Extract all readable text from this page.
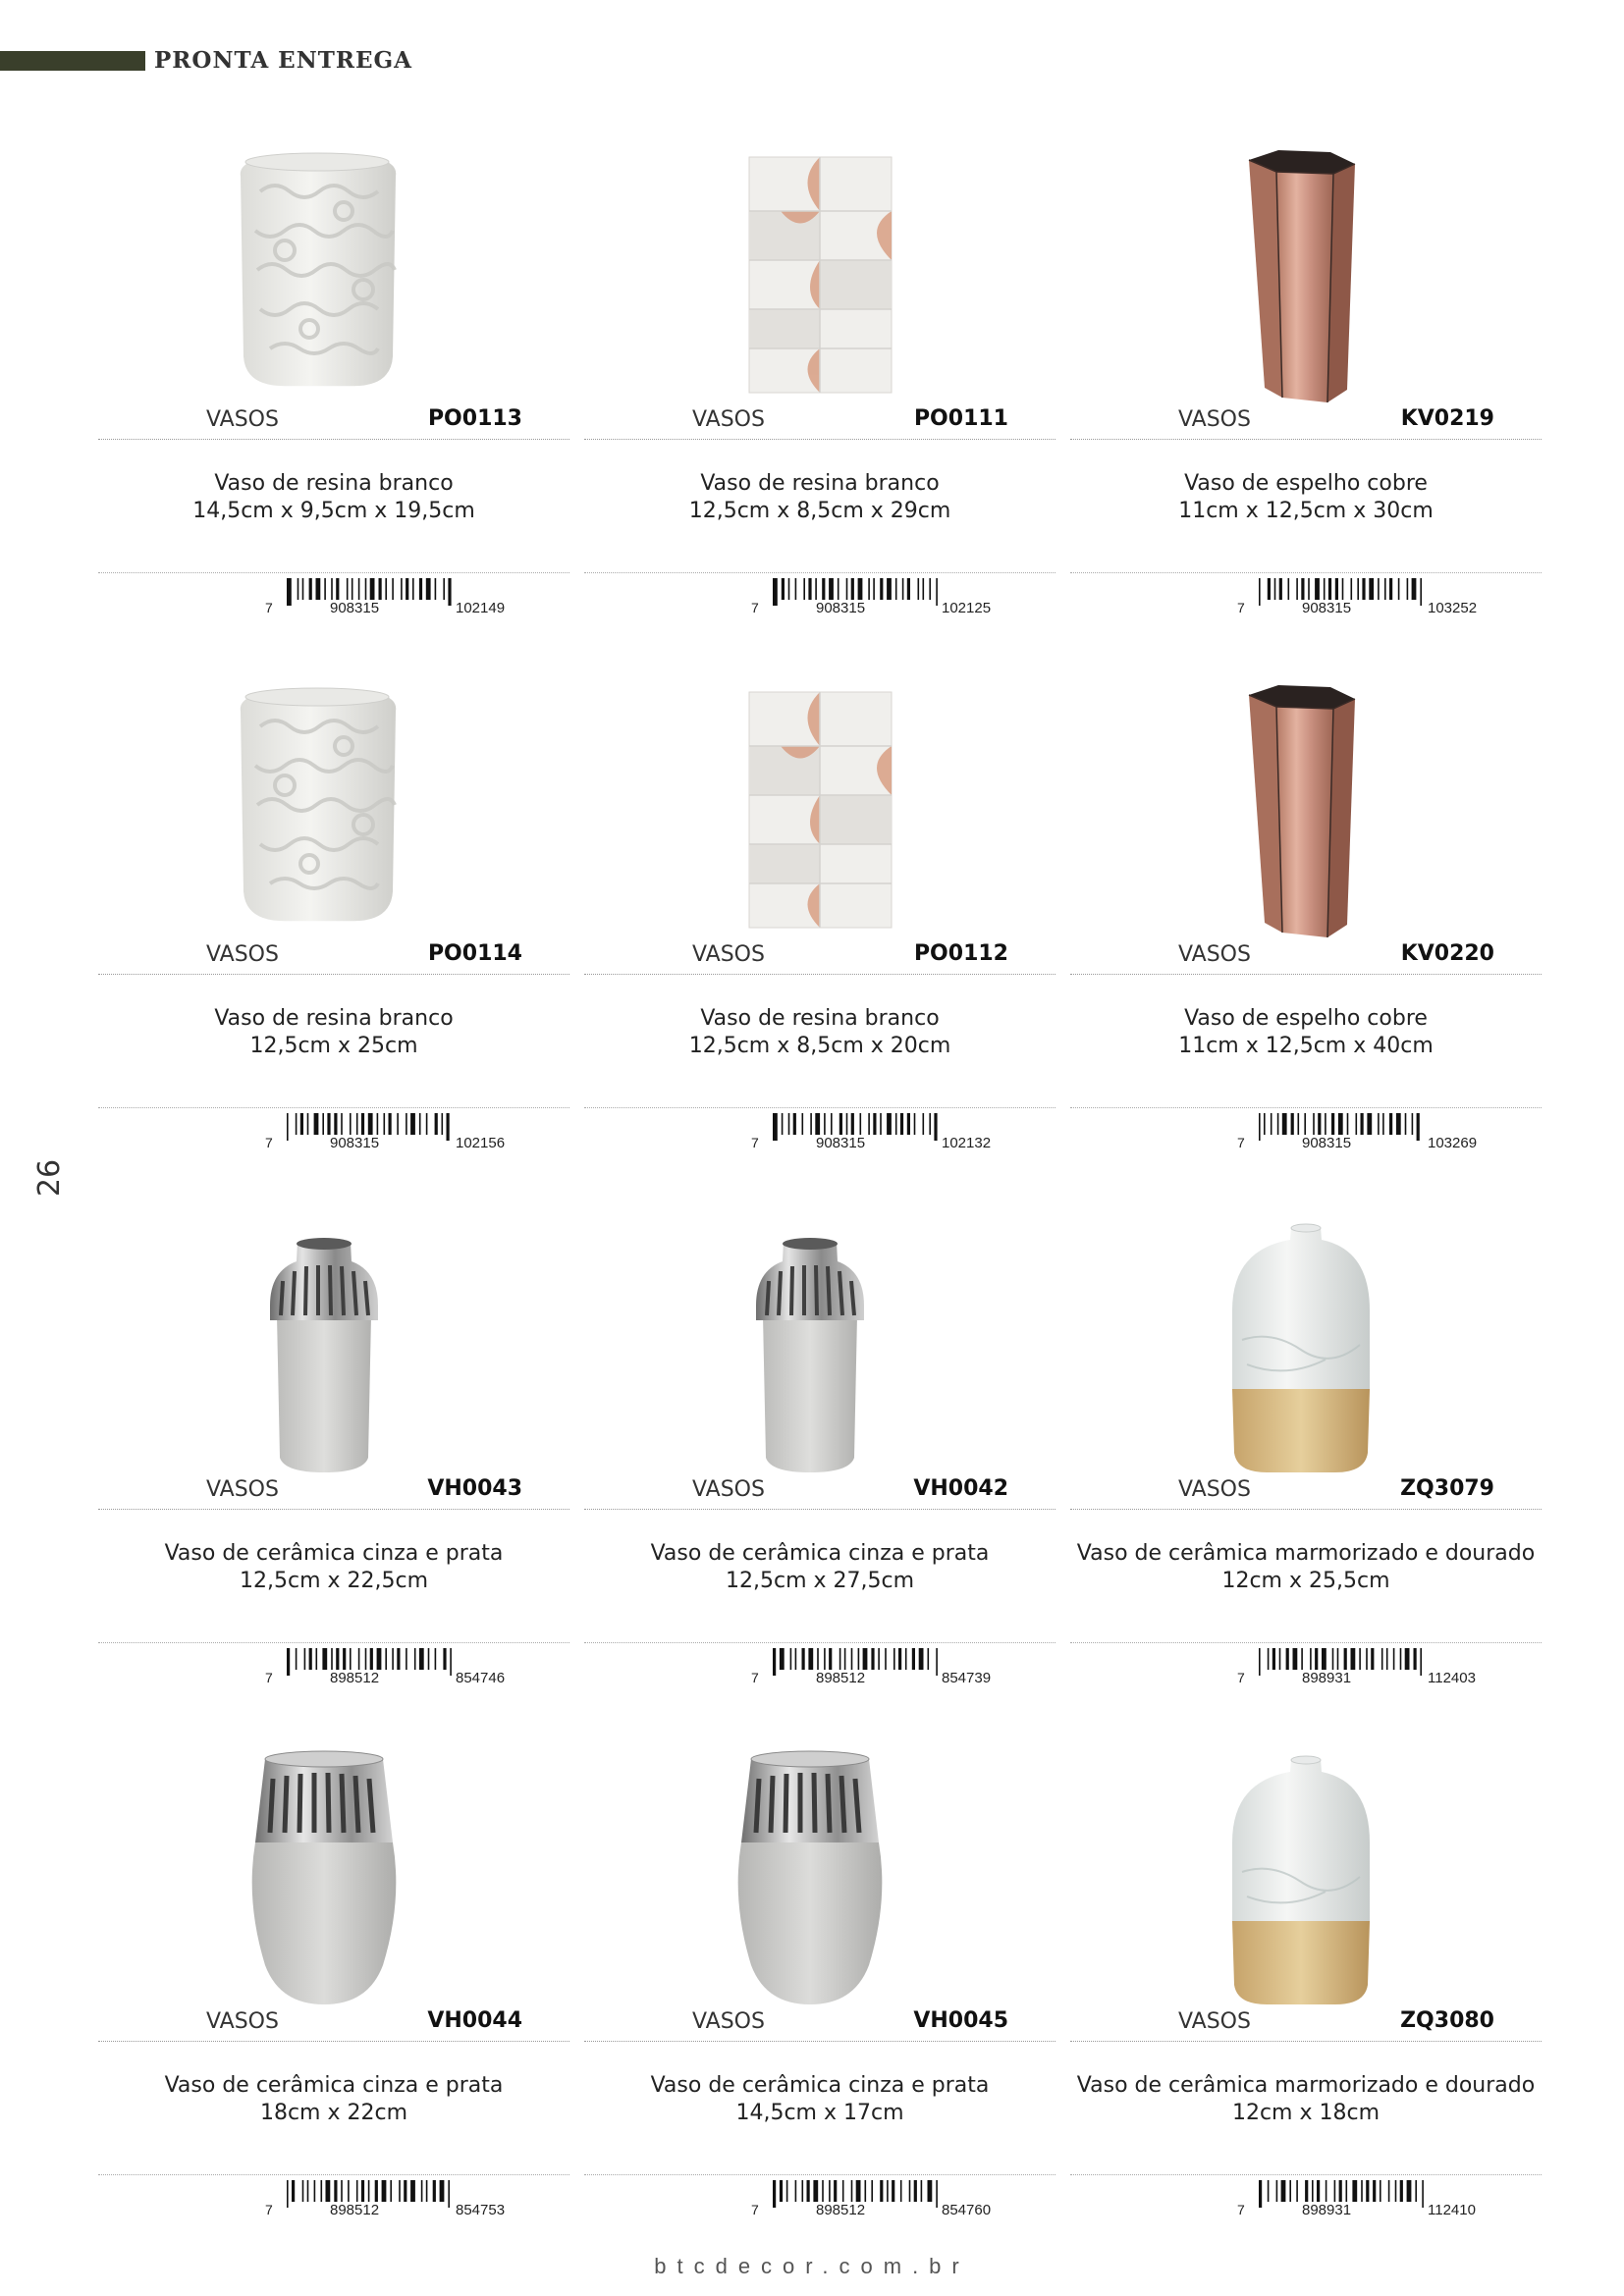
PRONTA ENTREGA
26
btcdecor.com.br
VASOS	PO0113
Vaso de resina branco
14,5cm x 9,5cm x 19,5cm
7	908315	102149
VASOS	PO0111
Vaso de resina branco
12,5cm x 8,5cm x 29cm
7	908315	102125
VASOS	KV0219
Vaso de espelho cobre
11cm x 12,5cm x 30cm
7	908315	103252
VASOS	PO0114
Vaso de resina branco
12,5cm x 25cm
7	908315	102156
VASOS	PO0112
Vaso de resina branco
12,5cm x 8,5cm x 20cm
7	908315	102132
VASOS	KV0220
Vaso de espelho cobre
11cm x 12,5cm x 40cm
7	908315	103269
VASOS	VH0043
Vaso de cerâmica cinza e prata
12,5cm x 22,5cm
7	898512	854746
VASOS	VH0042
Vaso de cerâmica cinza e prata
12,5cm x 27,5cm
7	898512	854739
VASOS	ZQ3079
Vaso de cerâmica marmorizado e dourado
12cm x 25,5cm
7	898931	112403
VASOS	VH0044
Vaso de cerâmica cinza e prata
18cm x 22cm
7	898512	854753
VASOS	VH0045
Vaso de cerâmica cinza e prata
14,5cm x 17cm
7	898512	854760
VASOS	ZQ3080
Vaso de cerâmica marmorizado e dourado
12cm x 18cm
7	898931	112410
